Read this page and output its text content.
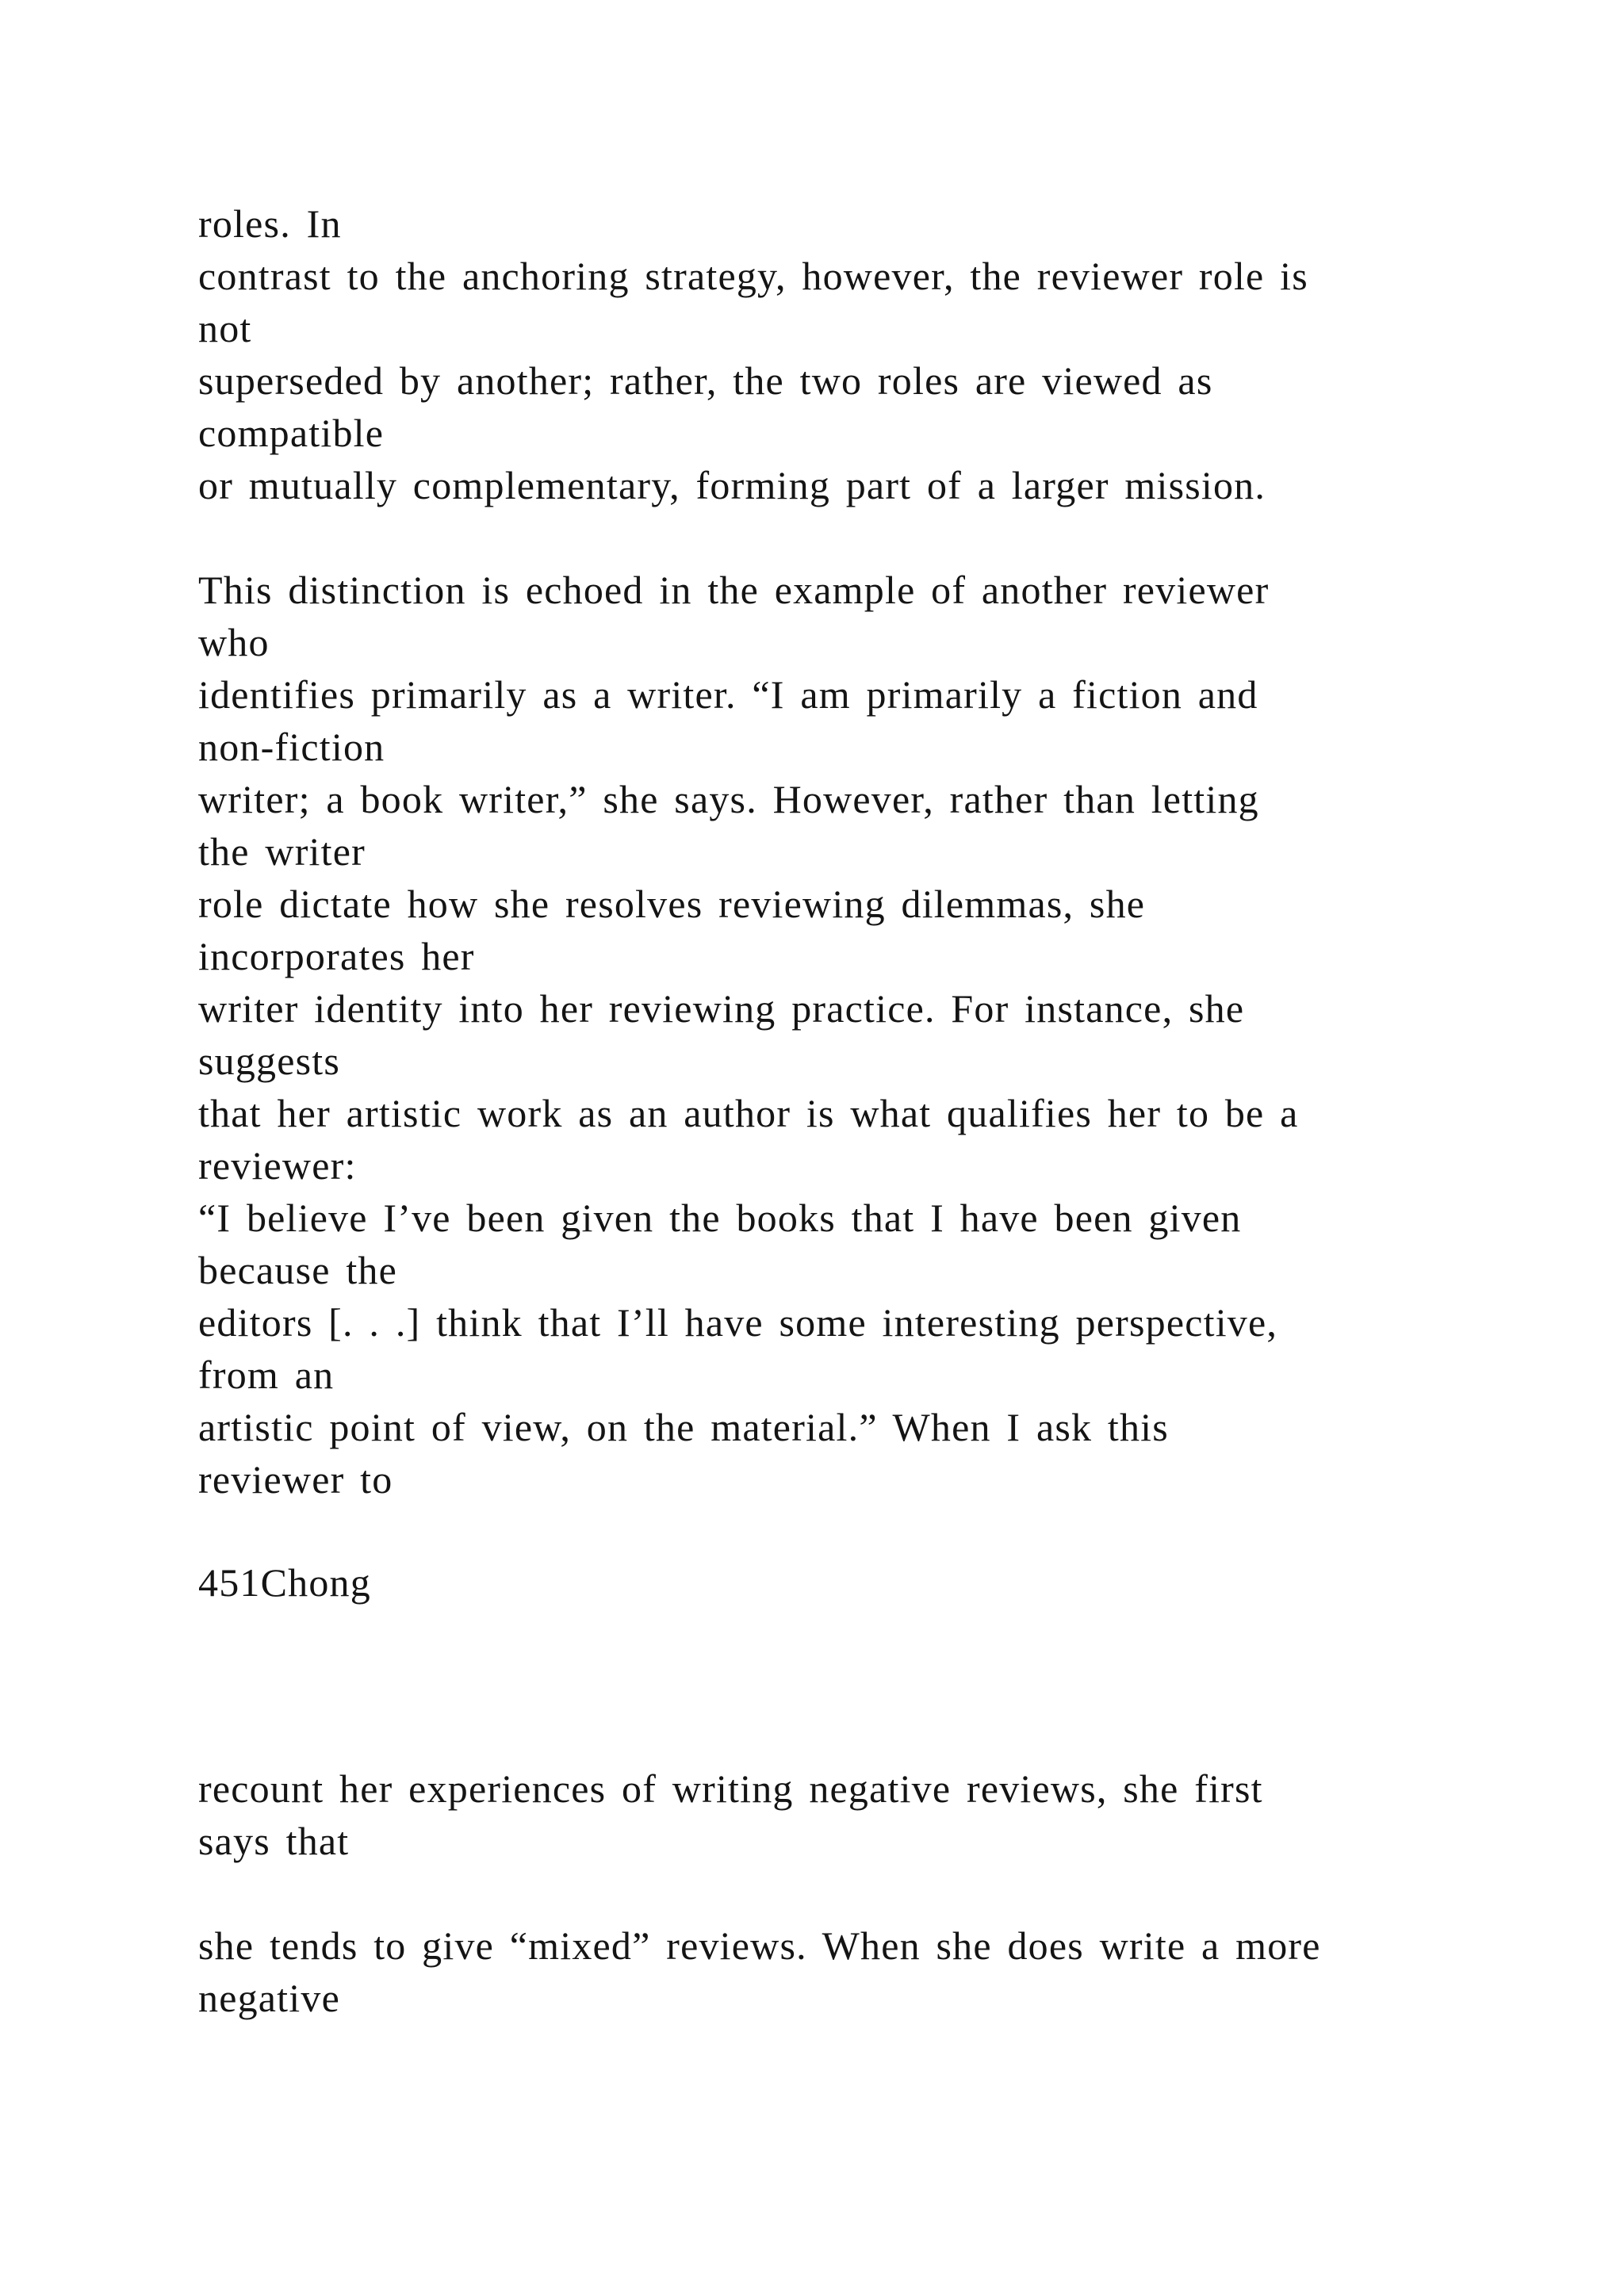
roles. In
contrast to the anchoring strategy, however, the reviewer role is
not
superseded by another; rather, the two roles are viewed as
compatible
or mutually complementary, forming part of a larger mission.
This distinction is echoed in the example of another reviewer
who
identifies primarily as a writer. “I am primarily a fiction and
non-fiction
writer; a book writer,” she says. However, rather than letting
the writer
role dictate how she resolves reviewing dilemmas, she
incorporates her
writer identity into her reviewing practice. For instance, she
suggests
that her artistic work as an author is what qualifies her to be a
reviewer:
“I believe I’ve been given the books that I have been given
because the
editors [. . .] think that I’ll have some interesting perspective,
from an
artistic point of view, on the material.” When I ask this
reviewer to
451Chong
recount her experiences of writing negative reviews, she first
says that
she tends to give “mixed” reviews. When she does write a more
negative
